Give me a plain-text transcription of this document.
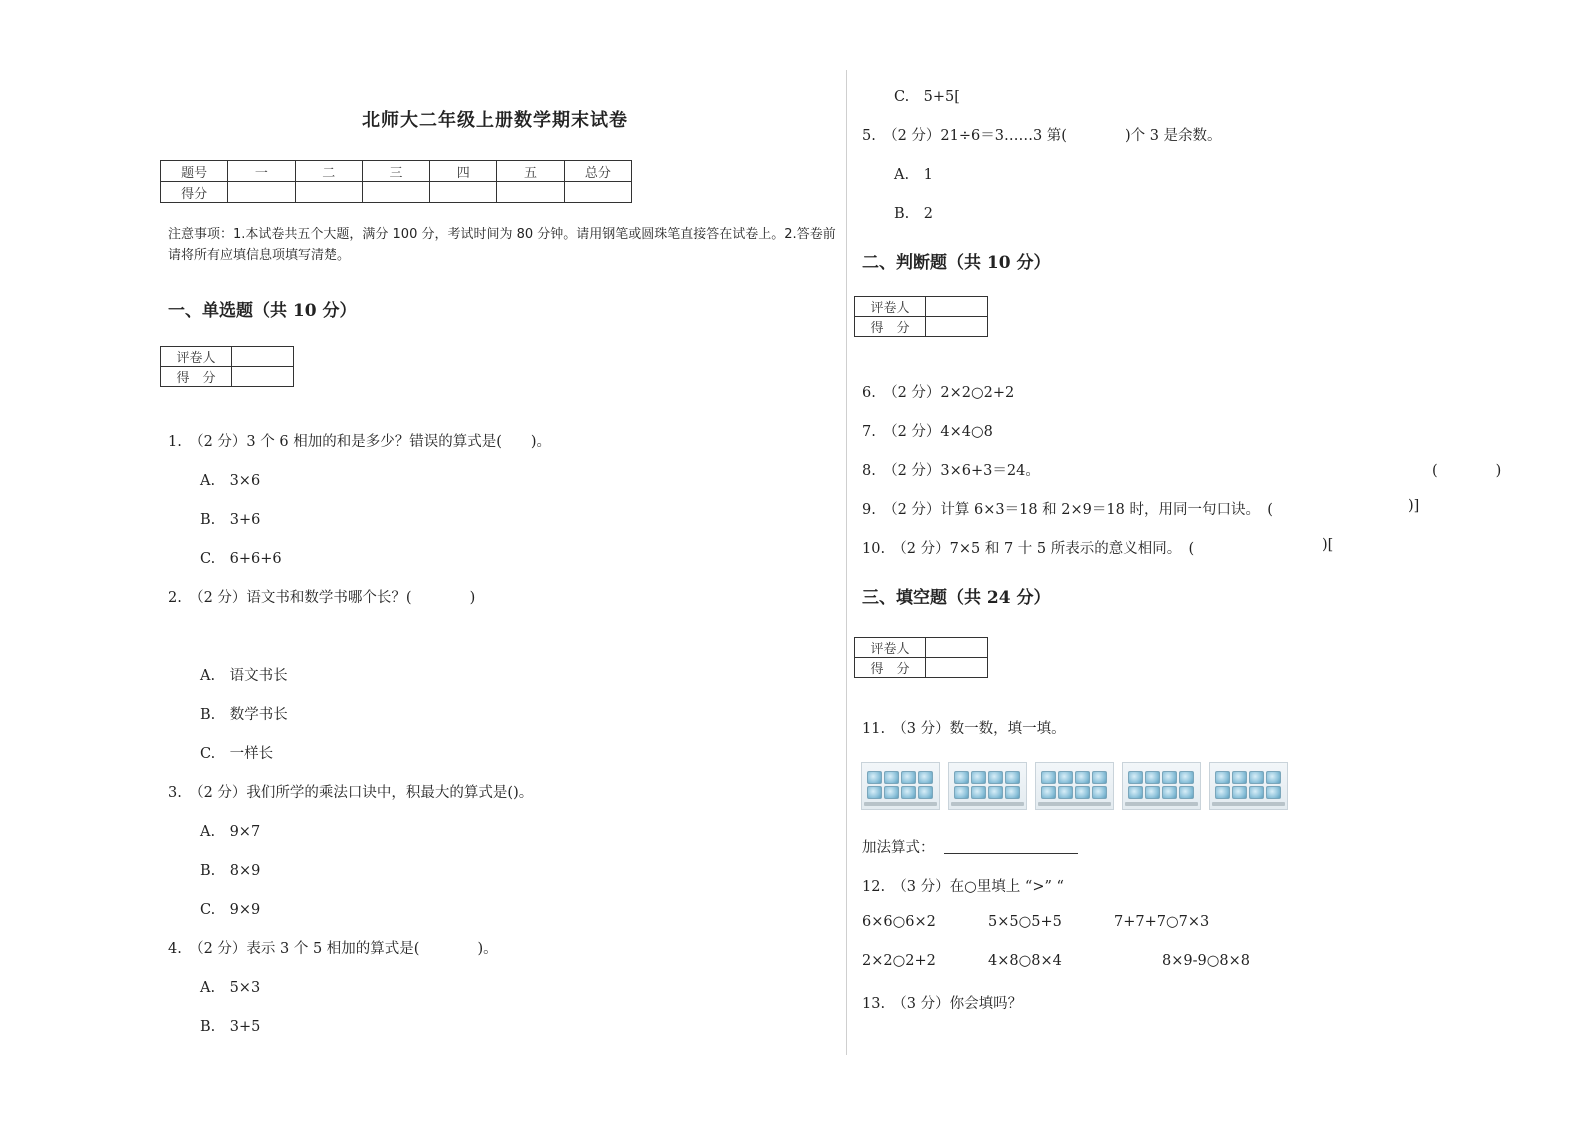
北师大二年级上册数学期末试卷
题号	一	二	三	四	五	总分
得分						
注意事项：1.本试卷共五个大题，满分 100 分，考试时间为 80 分钟。请用钢笔或圆珠笔直接答在试卷上。2.答卷前请将所有应填信息项填写清楚。
一、单选题（共 10 分）
评卷人	
得　分	
1.　（2 分）3 个 6 相加的和是多少？错误的算式是(　　)。
A.　3×6
B.　3+6
C.　6+6+6
2.　（2 分）语文书和数学书哪个长？(　　　　)
A.　语文书长
B.　数学书长
C.　一样长
3.　（2 分）我们所学的乘法口诀中，积最大的算式是()。
A.　9×7
B.　8×9
C.　9×9
4.　（2 分）表示 3 个 5 相加的算式是(　　　　)。
A.　5×3
B.　3+5
C.　5+5[
5.　（2 分）21÷6＝3……3 第(　　　　)个 3 是余数。
A.　1
B.　2
二、判断题（共 10 分）
评卷人	
得　分	
6.　（2 分）2×2○2+2
7.　（2 分）4×4○8
8.　（2 分）3×6+3＝24。	(　　　　)
9.　（2 分）计算 6×3＝18 和 2×9＝18 时，用同一句口诀。　(	)]
10.　（2 分）7×5 和 7 十 5 所表示的意义相同。　(	)[
三、填空题（共 24 分）
评卷人	
得　分	
11.　（3 分）数一数，填一填。
加法算式：
12.　（3 分）在○里填上 “>” “
6×6○6×2	5×5○5+5	7+7+7○7×3
2×2○2+2	4×8○8×4	8×9-9○8×8
13.　（3 分）你会填吗？
